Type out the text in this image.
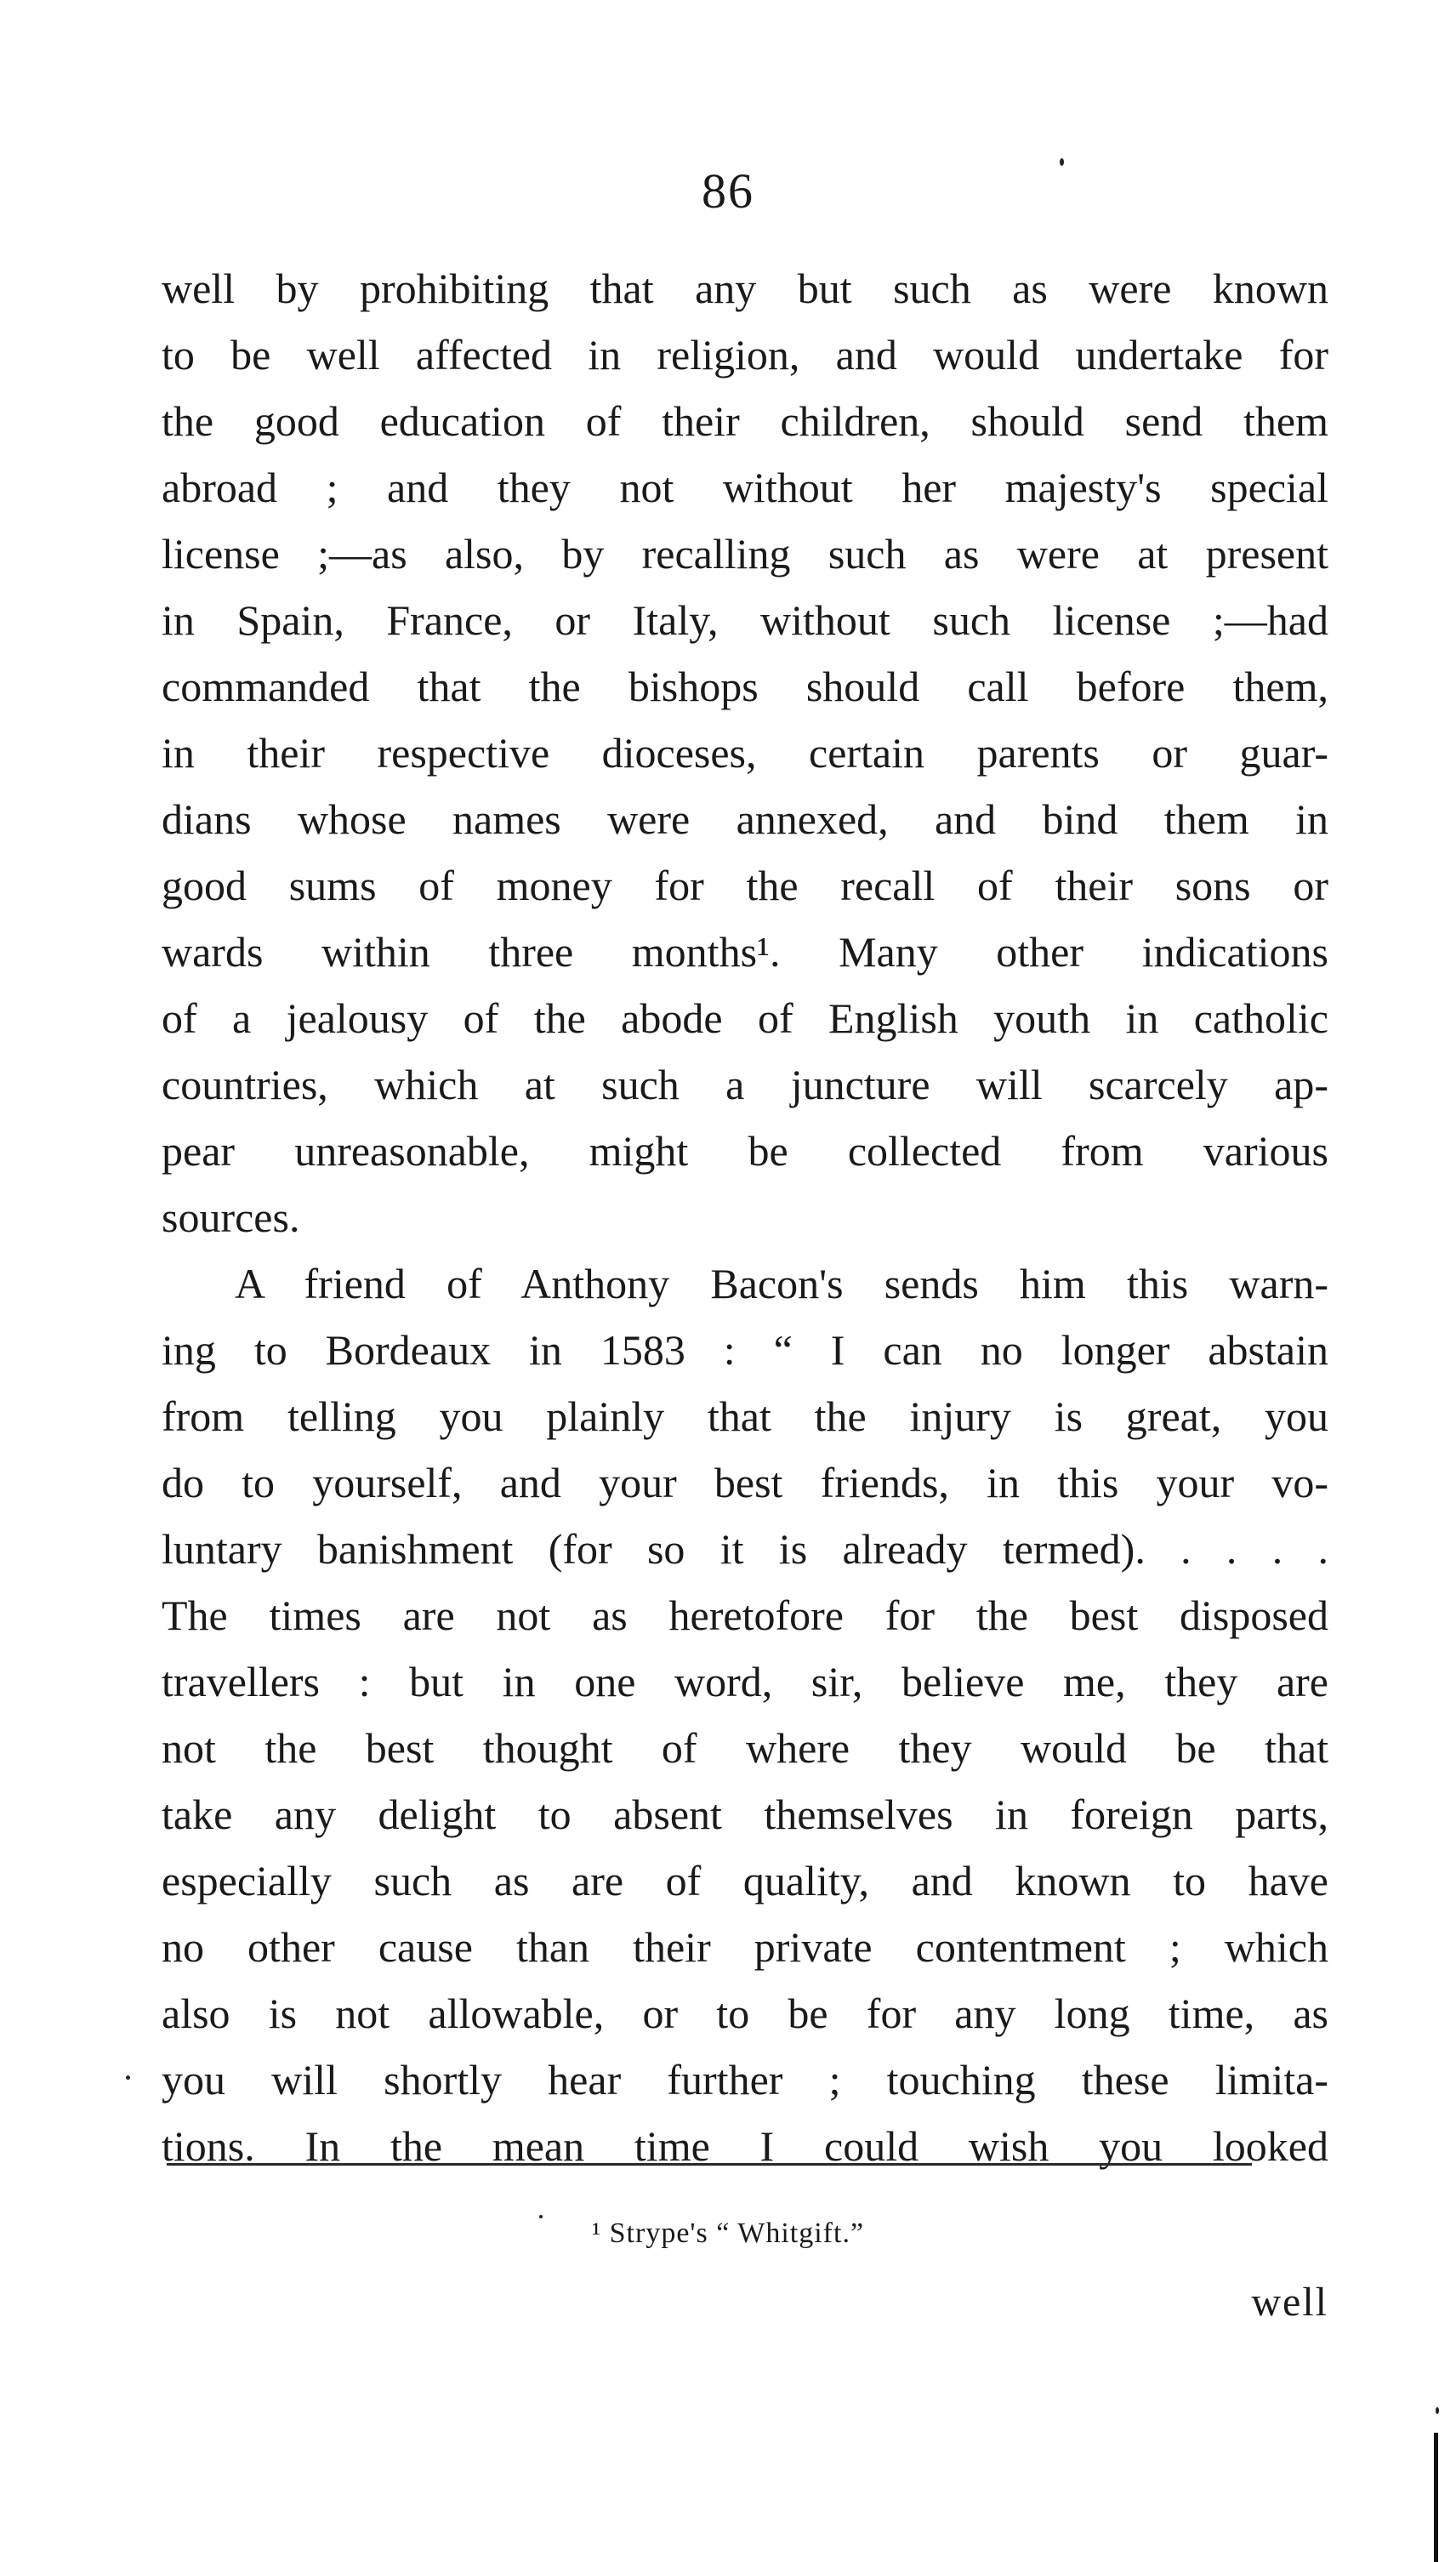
86
well by prohibiting that any but such as were known
to be well affected in religion, and would undertake for
the good education of their children, should send them
abroad ; and they not without her majesty's special
license ;—as also, by recalling such as were at present
in Spain, France, or Italy, without such license ;—had
commanded that the bishops should call before them,
in their respective dioceses, certain parents or guar-
dians whose names were annexed, and bind them in
good sums of money for the recall of their sons or
wards within three months¹. Many other indications
of a jealousy of the abode of English youth in catholic
countries, which at such a juncture will scarcely ap-
pear unreasonable, might be collected from various
sources.
A friend of Anthony Bacon's sends him this warn-
ing to Bordeaux in 1583 : “ I can no longer abstain
from telling you plainly that the injury is great, you
do to yourself, and your best friends, in this your vo-
luntary banishment (for so it is already termed). . . . .
The times are not as heretofore for the best disposed
travellers : but in one word, sir, believe me, they are
not the best thought of where they would be that
take any delight to absent themselves in foreign parts,
especially such as are of quality, and known to have
no other cause than their private contentment ; which
also is not allowable, or to be for any long time, as
you will shortly hear further ; touching these limita-
tions. In the mean time I could wish you looked
¹ Strype's “ Whitgift.”
well
